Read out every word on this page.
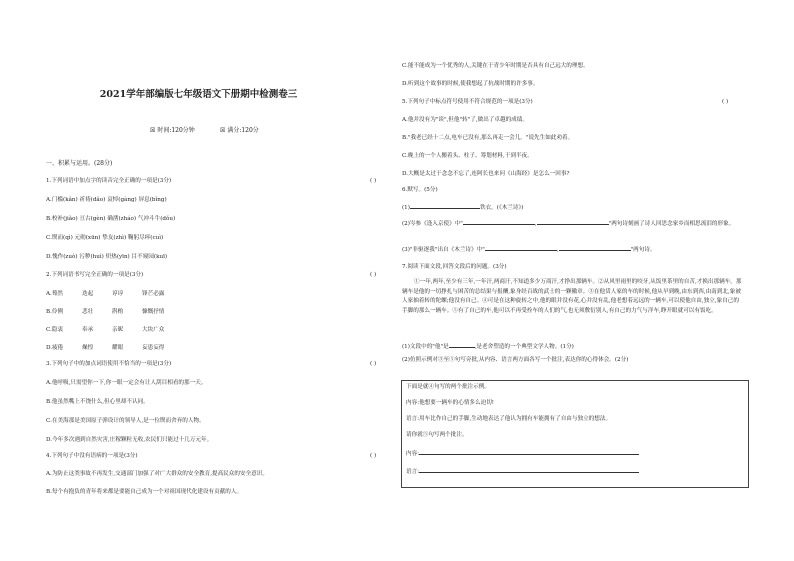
2021学年部编版七年级语文下册期中检测卷三
☒ 时间:120分钟	☒ 满分:120分
一、积累与运用。(28分)
1.下列词语中加点字的读音完全正确的一项是(3分)	( )
A.门槛(kǎn) 祈祷(dǎo) 哀悼(gàng) 屏息(bǐng)
B.校补(jiǎo) 亘古(gèn) 确凿(zháo) 气冲斗牛(dǒu)
C.锲而(qì) 元勋(xūn) 挚友(zhì) 鞠躬尽瘁(cuì)
D.愧作(zuò) 污秽(huì) 炽热(yīn) 目不窥园(kuī)
2.下列词语书写完全正确的一项是(3分)	( )
A.蓦然	迭起	谆谆	锋芒必露
B.伶俐	悲壮	斟酌	慷慨抒情
C.隐衷	奉承	亲昵	大块广众
D.疲倦	燥惶	耀眼	妄患妄得
3.下列句子中的加点词语使用不恰当的一项是(3分)	( )
A.他呼吸,只需望你一下,你一眼一定会有让人刮目相看的那一天。
B.他虽然嘴上不饶什么,但心里却不认同。
C.在美海那是美国原子弹设计的领导人,是一位锲而舍弃的人物。
D.今年多次遇到自然灾害,庄稼颗粒无收,农民们只能过十几万元年。
4.下列句子中没有语病的一项是(3分)	( )
A.为防止这类事故不再发生,交通部门加强了对广大群众的安全教育,提高民众的安全意识。
B.每个有抱负的青年将来都是要能自己成为一个对祖国现代化建设有贡献的人。
C.能不能成为一个优秀的人,关键在于青少年时期是否具有自己远大的理想。
D.听到这个故事的时候,使我想起了抗战时期的许多事。
5.下列句子中标点符号使用不符合规范的一项是(3分)	( )
A.他并没有为"谈",但他"转"了,做出了卓越的成绩。
B."我老已经十二点,电车已没有,那么再走一会儿。"说先生如此劝着。
C.晚上的一个人搬着头、柱子、筹划材料,干到半夜。
D.大概是太过于念念不忘了,连阿长也来问《山海经》是怎么一回事?
6.默写。(5分)
(1)	铁衣。(《木兰诗》)
(2)岑参《逢入京使》中"	,	"两句诗刻画了诗人回思念家乡而相思流泪的形象。
(3)"非驱逐我"出自《木兰诗》中"	,	"两句诗。
7.阅读下面文段,回答文段后的问题。(3分)
①一年,两年,至少有三年,一年汗,两商汗,不知道多少万商汗,才挣出那辆车。②从风里雨里的咬牙,从饭里茶里的自苦,才换出那辆车。那辆车是他的一切挣扎与困苦的总结果与报酬,象身经百战的武士的一颗徽章。③在他赁人家的车的时候,他从早到晚,由东到西,由南到北,象被人家抽着转的陀螺;他没有自己。④可是在这种旋转之中,他的眼并没有花,心并没有乱,他老想着远远的一辆车,可以使他自由,独立,象自己的手脚的那么一辆车。⑤有了自己的车,他可以不再受拴车的人们的气,也无须敷衍别人,有自己的力气与洋车,睁开眼就可以有饭吃。
(1)文段中的"他"是	,是老舍塑造的一个典型文学人物。(1分)
(2)仿照示例对③至⑤句写旁批,从内容、语言两方面各写一个批注,表达你的心得体会。(2分)
下面是就④句写的两个批注示例。
内容:他想要一辆车的心情多么迫切!
语言:用车比作自己的手脚,生动地表达了他认为拥有车能拥有了自由与独立的想法。
请你就⑤句写两个批注。
内容:
语言:
